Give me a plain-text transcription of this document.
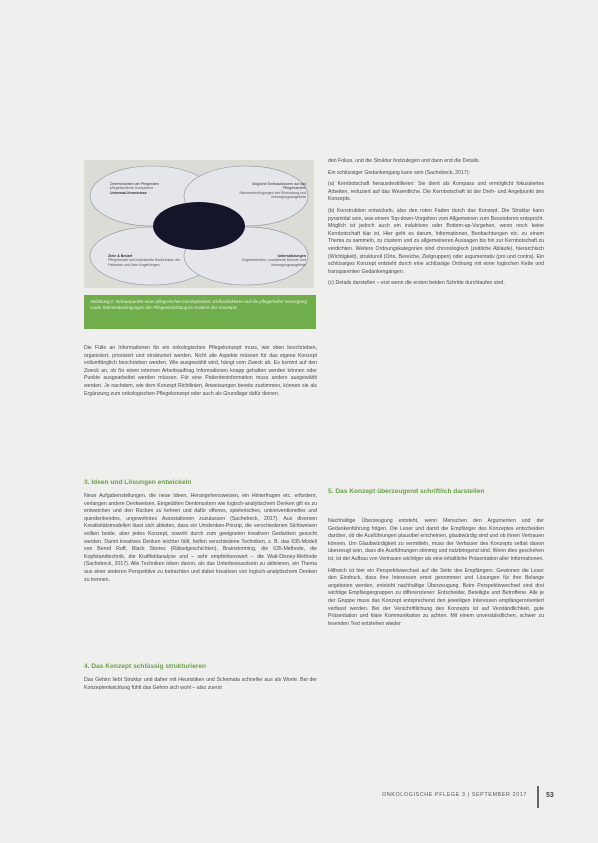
Determinanten der Pflegenden
pflegefachliche Kompetenz
Universal-Kenntnisse
Mögliche Einflussfaktoren auf das Pflegehandeln
Rahmenbedingungen der Einrichtung und Versorgungsangebote
Ziele & Bedarf
Pflegebedarf und individuelle Bedürfnisse der Patienten und ihrer Angehörigen
Unterstützungen
Gegebenheiten, zusätzliche Dienste und Versorgungsangebote
Abbildung 2: Schwerpunkte einer pflegerischen Konzeptarbeit: Einflussfaktoren auf die pflegerische Versorgung sowie Rahmenbedingungen der Pflegeeinrichtung im Kontext des Konzepts

Die Fülle an Informationen für ein onkologisches Pflegekonzept muss, wie oben beschrieben, organisiert, priorisiert und strukturiert werden. Nicht alle Aspekte müssen für das eigene Konzept vollumfänglich beschrieben werden. Wie ausgewählt wird, hängt vom Zweck ab. Es kommt auf den Zweck an, ob für einen internen Arbeitsauftrag Informationen knapp gehalten werden können oder Punkte ausgearbeitet werden müssen. Für eine Patienteninformation muss anders ausgewählt werden. Je nachdem, wie dem Konzept Richtlinien, Anweisungen bereits zustimmen, können sie als Ergänzung zum onkologischen Pflegekonzept oder auch als Grundlage dafür dienen.

3. Ideen und Lösungen entwickeln

Neue Aufgabenstellungen, die neue Ideen, Herangehensweisen, ein Hinterfragen etc. erfordern, verlangen andere Denkweisen. Eingeübten Denkmustern wie logisch-analytischem Denken gilt es zu entweichen und den Rücken zu kehren und dafür offenes, spielerisches, unkonventionelles und querdenkendes, ungewohntes Assoziationen zuzulassen (Sachebeck, 2017). Aus diversen Kreativitätsmodellen lässt sich ableiten, dass ein Umdenken-Prinzip, die verschiedenen Sichtweisen sollten beide, aber jedes Konzept, sowohl durch zum geeigneten kreativen Gedanken gesucht werden. Damit kreatives Denken leichter fällt, helfen verschiedene Techniken, z. B. das 635-Modell von Bernd Ruff, Black Stories (Rätselgeschichten), Brainstorming, die 635-Methode, die Kopfstandtechnik, die Kraftfeldanalyse und – sehr empfehlenswert – die Walt-Disney-Methode (Sachebeck, 2017). Alle Techniken leben davon, als das Unterbewusstsein zu aktivieren, ein Thema aus einer anderen Perspektive zu betrachten und dabei kreativen von logisch-analytischem Denken zu trennen.

4. Das Konzept schlüssig strukturieren

Das Gehirn liebt Struktur und daher mit Heuristiken und Schemata schneller aus als Worte. Bei der Konzeptentwicklung fühlt das Gehirn sich wohl – also zuerst

den Fokus, und die Struktur festzulegen und dann erst die Details.

Ein schlüssiger Gedankengang kann sein (Sachebeck, 2017):

(a) Kernbotschaft herausdestillieren: Sie dient als Kompass und ermöglicht fokussiertes Arbeiten, reduziert auf das Wesentliche. Die Kernbotschaft ist der Dreh- und Angelpunkt des Konzepts.

(b) Konstruktion entwickeln, also den roten Faden durch das Konzept. Die Struktur kann pyramidal sein, was einem Top-down-Vorgehen vom Allgemeinen zum Besonderen entspricht. Möglich ist jedoch auch ein induktives oder Bottom-up-Vorgehen, wenn noch keine Kernbotschaft klar ist. Hier geht es darum, Informationen, Beobachtungen etc. zu einem Thema zu sammeln, zu clustern und zu allgemeineren Aussagen bis hin zur Kernbotschaft zu verdichten. Weitere Ordnungskategorien sind chronologisch (zeitliche Abläufe), hierarchisch (Wichtigkeit), strukturell (Orte, Bereiche, Zielgruppen) oder argumentativ (pro und contra). Ein schlüssiges Konzept entsteht durch eine schlüssige Ordnung mit einer logischen Kette und transparenten Gedankengängen.

(c) Details darstellen – erst wenn die ersten beiden Schritte durchlaufen sind.

5. Das Konzept überzeugend schriftlich darstellen

Nachhaltige Überzeugung entsteht, wenn Menschen den Argumenten und der Gedankenführung folgen. Die Leser und damit die Empfänger des Konzeptes entscheiden darüber, ob die Ausführungen plausibel erscheinen, glaubwürdig sind und ob ihnen Vertrauen können. Um Glaubwürdigkeit zu vermitteln, muss der Verfasser des Konzepts selbst davon überzeugt sein, dass die Ausführungen stimmig und nutzbringend sind. Wenn dies geschehen ist, ist der Aufbau von Vertrauen wichtiger als eine inhaltliche Präsentation aller Informationen.

Hilfreich ist hier ein Perspektivwechsel auf die Seite des Empfängers. Gewinnen die Leser den Eindruck, dass ihre Interessen ernst genommen und Lösungen für ihre Belange angeboten werden, entsteht nachhaltige Überzeugung. Beim Perspektivwechsel sind drei wichtige Empfängergruppen zu differenzieren: Entscheider, Beteiligte und Betroffene. Alle je der Gruppe muss das Konzept entsprechend den jeweiligen Interessen empfängerorientiert verfasst werden. Bei der Verschriftlichung des Konzepts ist auf Verständlichkeit, gute Präsentation und klare Kommunikation zu achten. Mit einem unverständlichen, schwer zu lesenden Text entstehen wieder

ONKOLOGISCHE PFLEGE 3 | SEPTEMBER 2017	53
